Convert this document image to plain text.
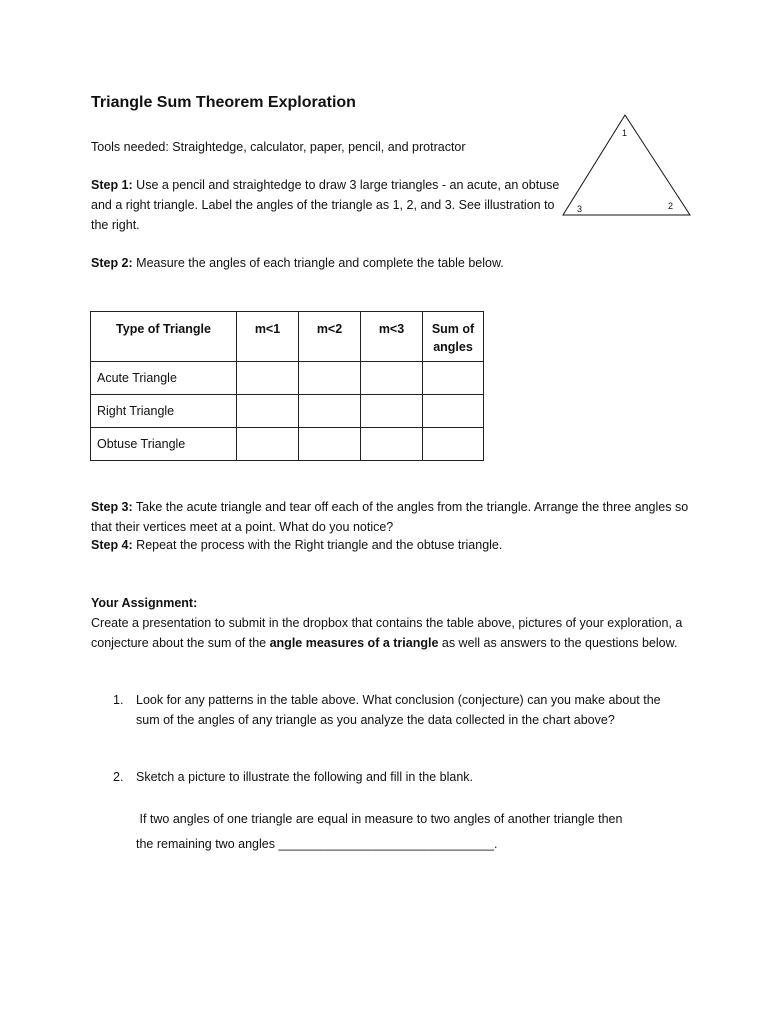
Triangle Sum Theorem Exploration
Tools needed: Straightedge, calculator, paper, pencil, and protractor
Step 1: Use a pencil and straightedge to draw 3 large triangles - an acute, an obtuse and a right triangle. Label the angles of the triangle as 1, 2, and 3. See illustration to the right.
1
2
3
Step 2: Measure the angles of each triangle and complete the table below.
Type of Triangle	m<1	m<2	m<3	Sum of angles
Acute Triangle				
Right Triangle				
Obtuse Triangle				
Step 3: Take the acute triangle and tear off each of the angles from the triangle. Arrange the three angles so that their vertices meet at a point. What do you notice?
Step 4: Repeat the process with the Right triangle and the obtuse triangle.
Your Assignment:
Create a presentation to submit in the dropbox that contains the table above, pictures of your exploration, a conjecture about the sum of the angle measures of a triangle as well as answers to the questions below.
1. Look for any patterns in the table above. What conclusion (conjecture) can you make about the sum of the angles of any triangle as you analyze the data collected in the chart above?
2. Sketch a picture to illustrate the following and fill in the blank.
If two angles of one triangle are equal in measure to two angles of another triangle then
the remaining two angles _______________________________.
